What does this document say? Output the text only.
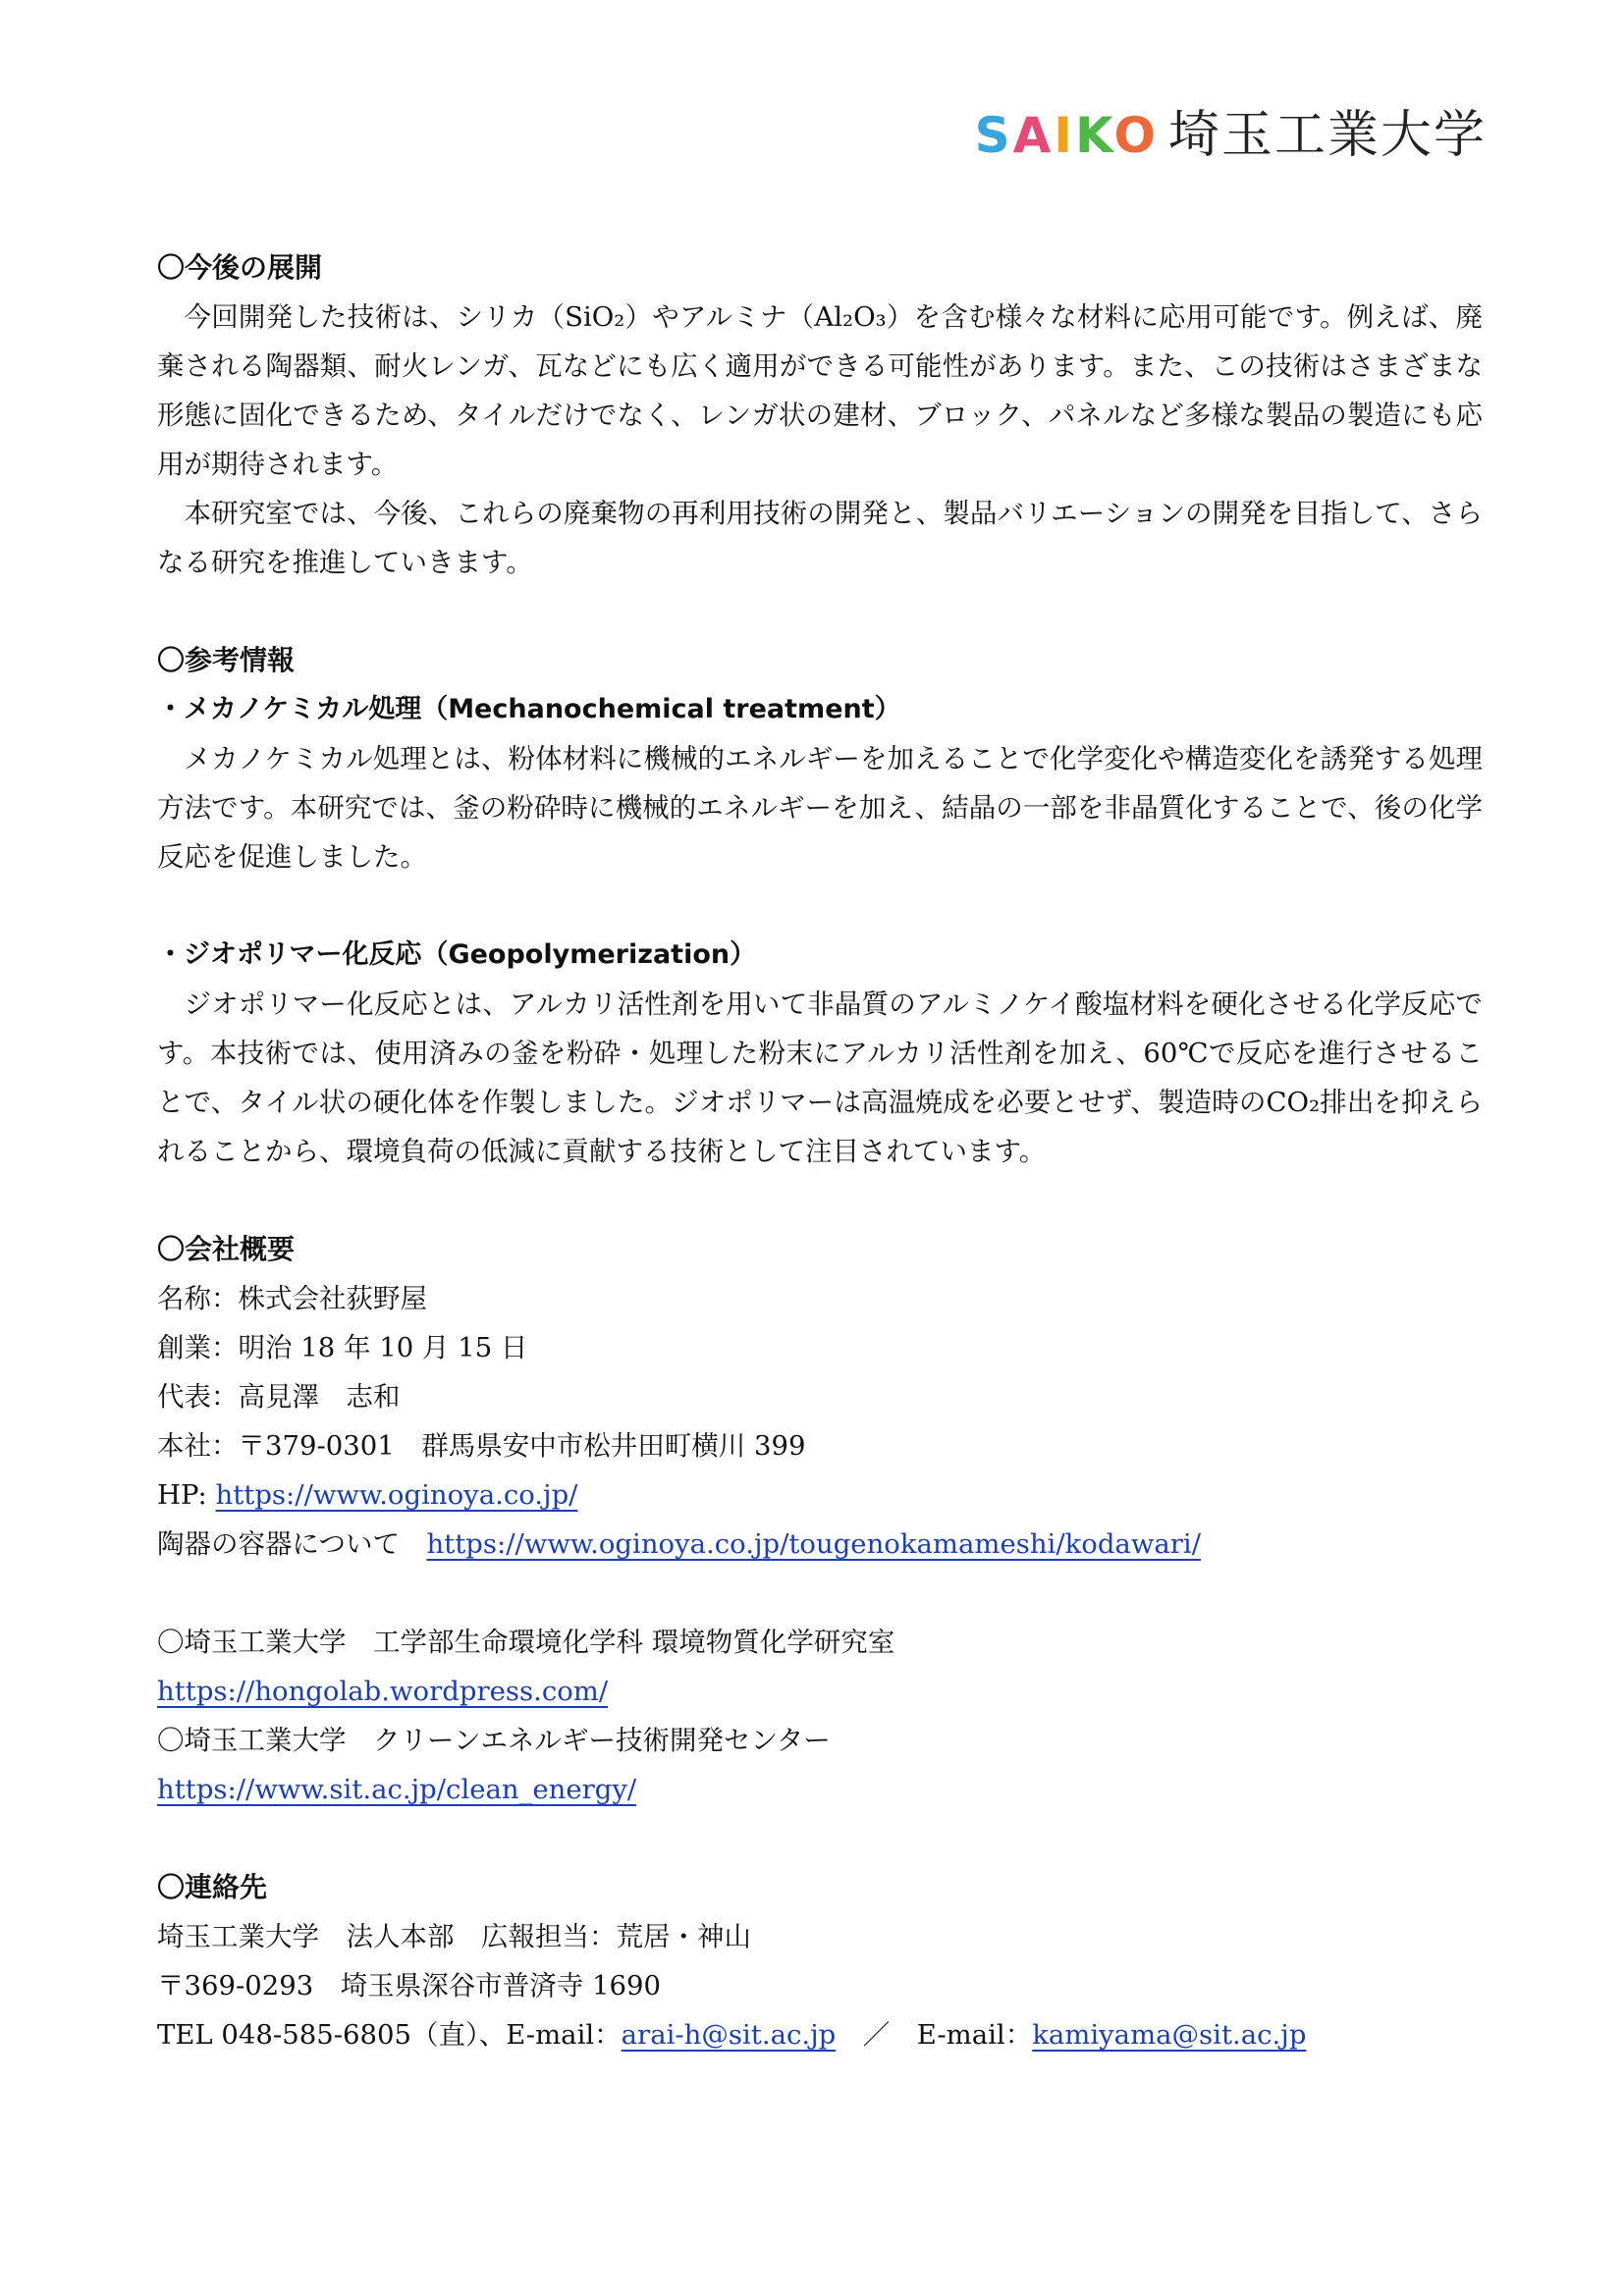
SAIKO 埼玉工業大学
〇今後の展開

今回開発した技術は、シリカ（SiO₂）やアルミナ（Al₂O₃）を含む様々な材料に応用可能です。例えば、廃棄される陶器類、耐火レンガ、瓦などにも広く適用ができる可能性があります。また、この技術はさまざまな形態に固化できるため、タイルだけでなく、レンガ状の建材、ブロック、パネルなど多様な製品の製造にも応用が期待されます。

本研究室では、今後、これらの廃棄物の再利用技術の開発と、製品バリエーションの開発を目指して、さらなる研究を推進していきます。

〇参考情報
・メカノケミカル処理（Mechanochemical treatment）

メカノケミカル処理とは、粉体材料に機械的エネルギーを加えることで化学変化や構造変化を誘発する処理方法です。本研究では、釜の粉砕時に機械的エネルギーを加え、結晶の一部を非晶質化することで、後の化学反応を促進しました。

・ジオポリマー化反応（Geopolymerization）

ジオポリマー化反応とは、アルカリ活性剤を用いて非晶質のアルミノケイ酸塩材料を硬化させる化学反応です。本技術では、使用済みの釜を粉砕・処理した粉末にアルカリ活性剤を加え、60℃で反応を進行させることで、タイル状の硬化体を作製しました。ジオポリマーは高温焼成を必要とせず、製造時のCO₂排出を抑えられることから、環境負荷の低減に貢献する技術として注目されています。

〇会社概要
名称：株式会社荻野屋
創業：明治 18 年 10 月 15 日
代表：高見澤　志和
本社：〒379-0301　群馬県安中市松井田町横川 399
HP: https://www.oginoya.co.jp/
陶器の容器について　https://www.oginoya.co.jp/tougenokamameshi/kodawari/
〇埼玉工業大学　工学部生命環境化学科 環境物質化学研究室
https://hongolab.wordpress.com/
〇埼玉工業大学　クリーンエネルギー技術開発センター
https://www.sit.ac.jp/clean_energy/
〇連絡先
埼玉工業大学　法人本部　広報担当：荒居・神山
〒369-0293　埼玉県深谷市普済寺 1690
TEL 048-585-6805（直）、E-mail：arai-h@sit.ac.jp　／　E-mail：kamiyama@sit.ac.jp
